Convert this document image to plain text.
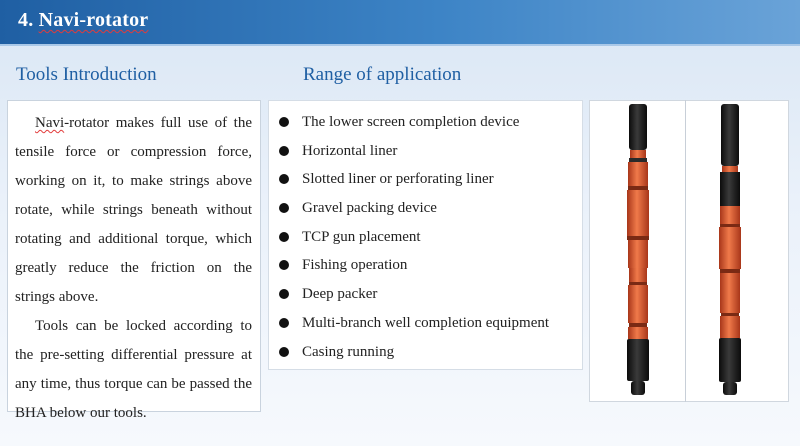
4. Navi-rotator
Tools Introduction	Range of application

Navi-rotator makes full use of the tensile force or compression force, working on it, to make strings above rotate, while strings beneath without rotating and additional torque, which greatly reduce the friction on the strings above.

Tools can be locked according to the pre-setting differential pressure at any time, thus torque can be passed the BHA below our tools.

The lower screen completion device
Horizontal liner
Slotted liner or perforating liner
Gravel packing device
TCP gun placement
Fishing operation
Deep packer
Multi-branch well completion equipment
Casing running
